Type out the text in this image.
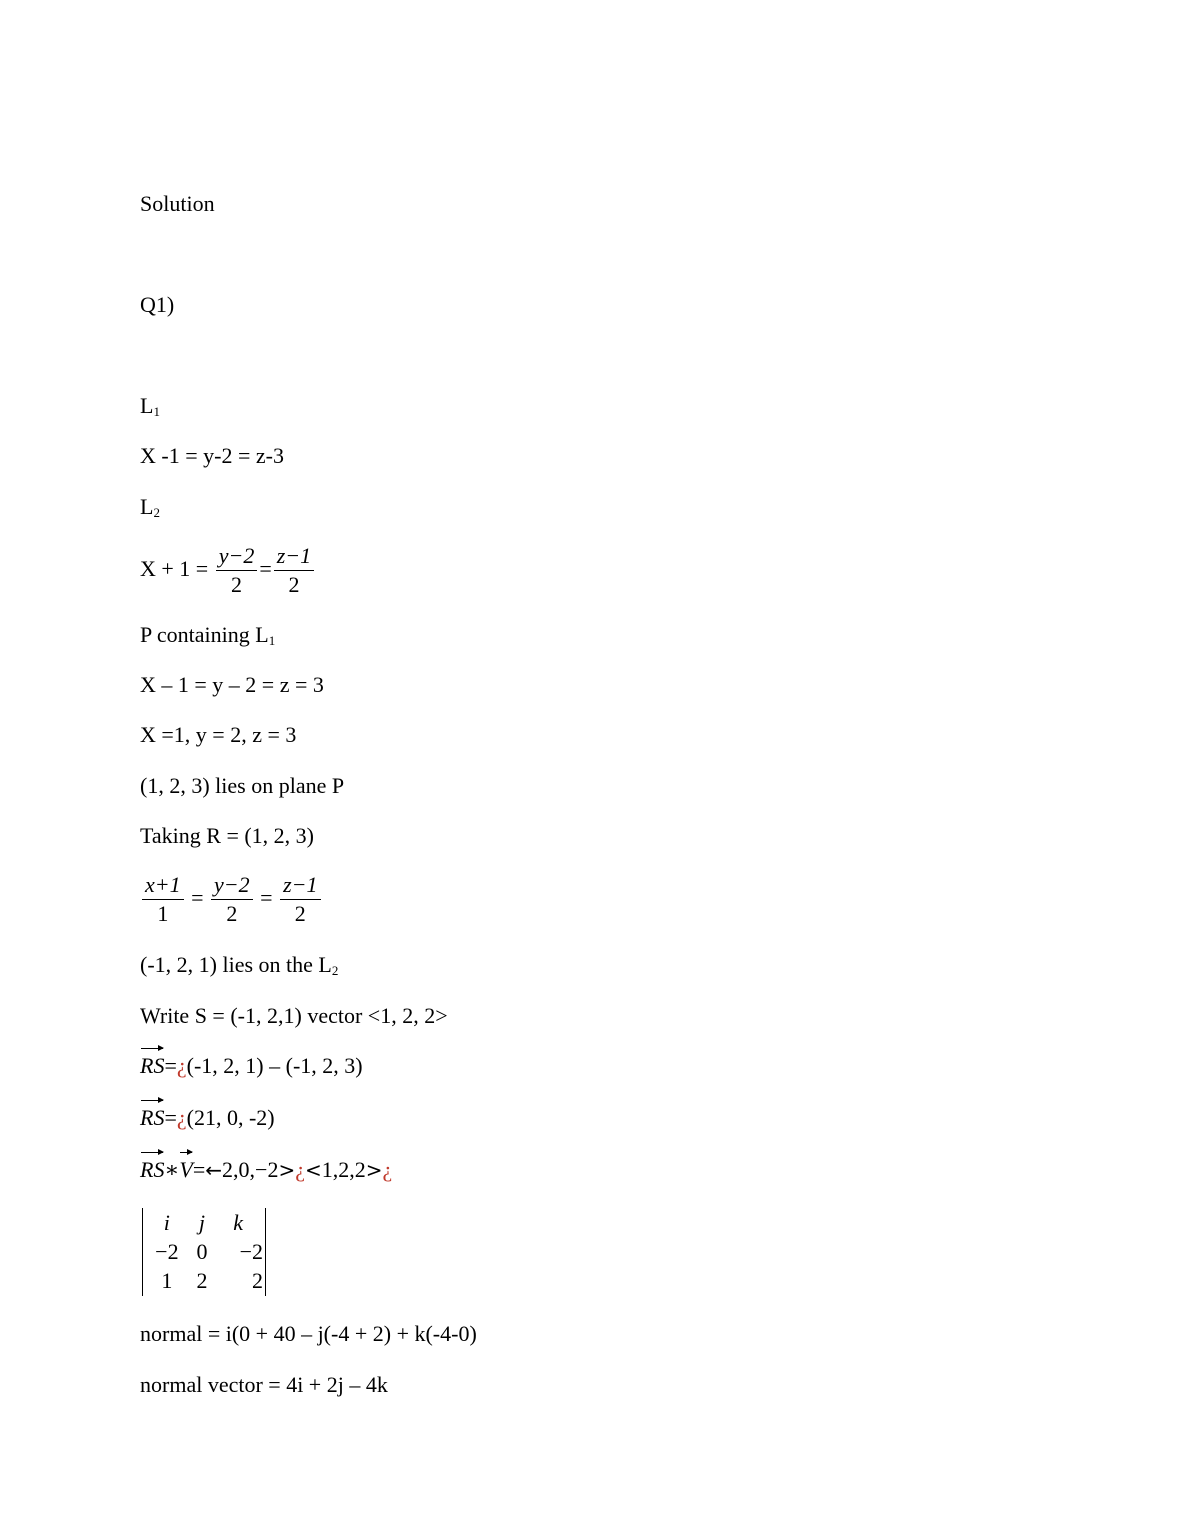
Solution
Q1)
$L_1$
X -1 = y-2 = z-3
$L_2$
$X + 1 = \frac{y-2}{2} = \frac{z-1}{2}$
P containing $L_1$
X – 1 = y – 2 = z = 3
X =1, y = 2, z = 3
(1, 2, 3) lies on plane P
Taking R = (1, 2, 3)
$\frac{x+1}{1} = \frac{y-2}{2} = \frac{z-1}{2}$
(-1, 2, 1) lies on the $L_2$
Write S = (-1, 2,1) vector <1, 2, 2>
RS=¿(-1, 2, 1) – (-1, 2, 3)
RS=¿(21, 0, -2)
RS∗V=←2,0,−2>¿<1,2,2>¿
i	j	k
−2	0	−2
1	2	2
normal = i(0 + 40 – j(-4 + 2) + k(-4-0)
normal vector = 4i + 2j – 4k
